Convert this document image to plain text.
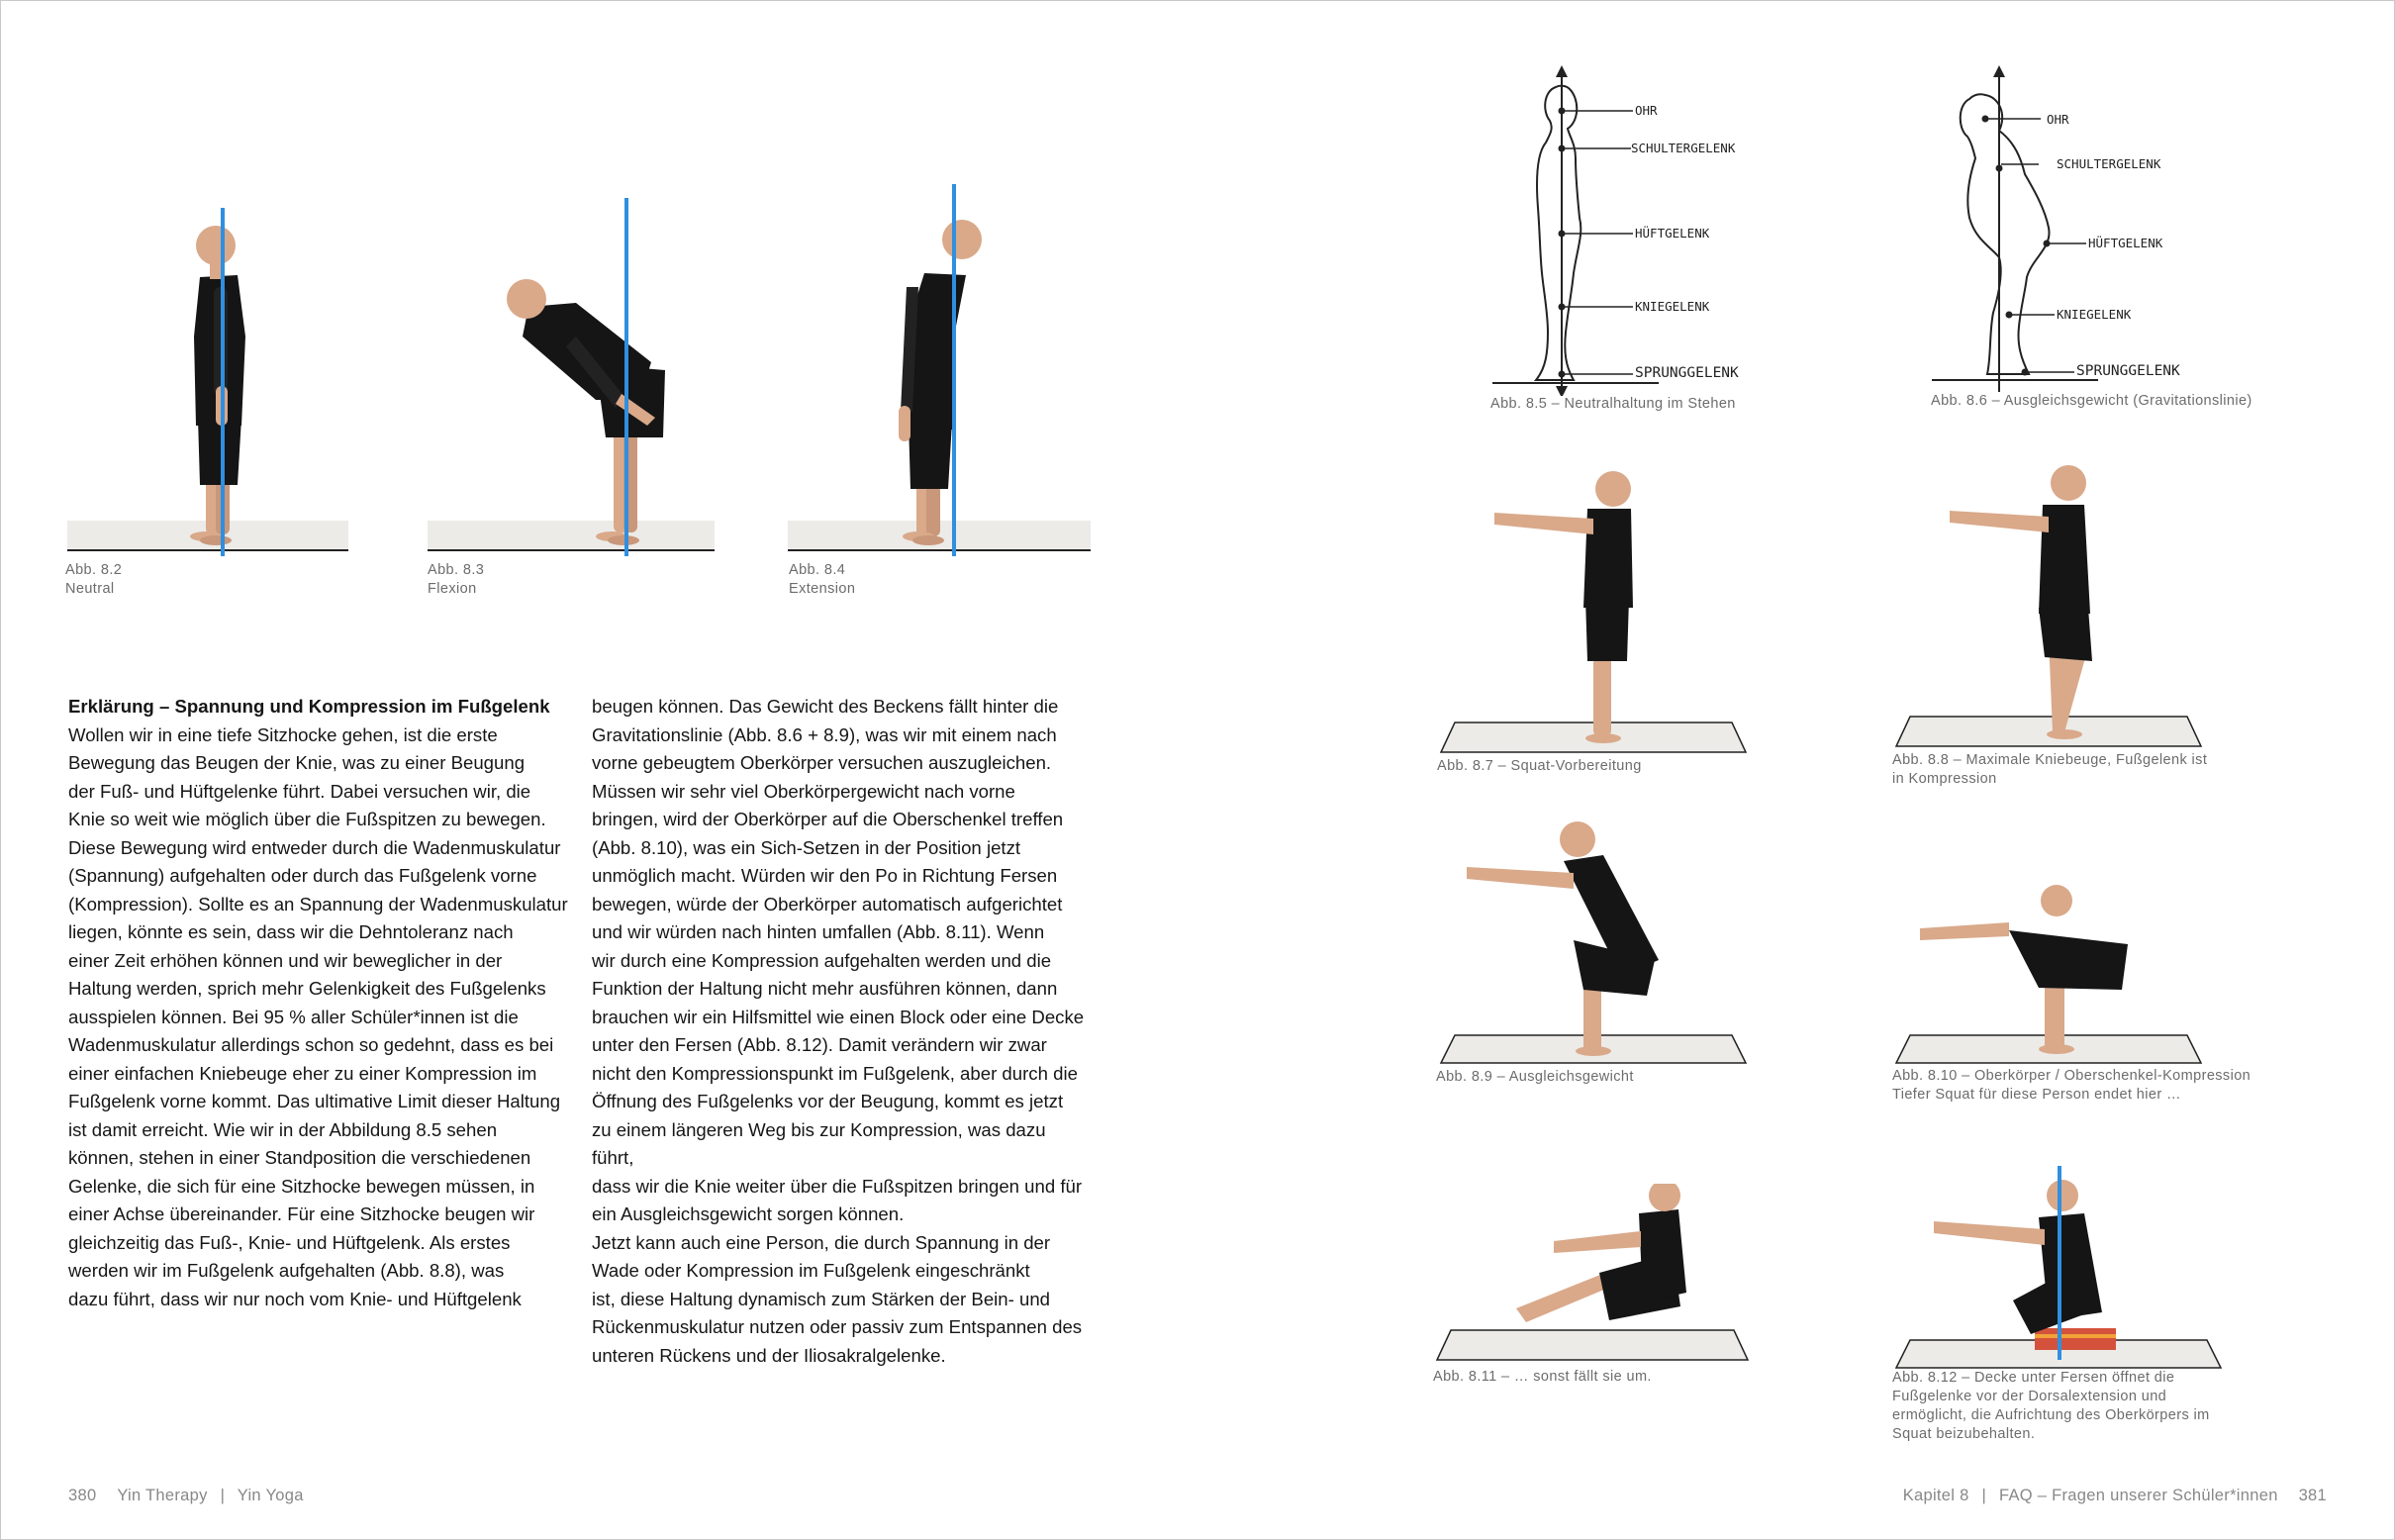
Abb. 8.2
Neutral
Abb. 8.3
Flexion
Abb. 8.4
Extension
Erklärung – Spannung und Kompression im Fußgelenk
Wollen wir in eine tiefe Sitzhocke gehen, ist die erste
Bewegung das Beugen der Knie, was zu einer Beugung
der Fuß- und Hüftgelenke führt. Dabei versuchen wir, die
Knie so weit wie möglich über die Fußspitzen zu bewegen.
Diese Bewegung wird entweder durch die Wadenmuskulatur
(Spannung) aufgehalten oder durch das Fußgelenk vorne
(Kompression). Sollte es an Spannung der Wadenmuskulatur
liegen, könnte es sein, dass wir die Dehntoleranz nach
einer Zeit erhöhen können und wir beweglicher in der
Haltung werden, sprich mehr Gelenkigkeit des Fußgelenks
ausspielen können. Bei 95 % aller Schüler*innen ist die
Wadenmuskulatur allerdings schon so gedehnt, dass es bei
einer einfachen Kniebeuge eher zu einer Kompression im
Fußgelenk vorne kommt. Das ultimative Limit dieser Haltung
ist damit erreicht. Wie wir in der Abbildung 8.5 sehen
können, stehen in einer Standposition die verschiedenen
Gelenke, die sich für eine Sitzhocke bewegen müssen, in
einer Achse übereinander. Für eine Sitzhocke beugen wir
gleichzeitig das Fuß-, Knie- und Hüftgelenk. Als erstes
werden wir im Fußgelenk aufgehalten (Abb. 8.8), was
dazu führt, dass wir nur noch vom Knie- und Hüftgelenk
beugen können. Das Gewicht des Beckens fällt hinter die
Gravitationslinie (Abb. 8.6 + 8.9), was wir mit einem nach
vorne gebeugtem Oberkörper versuchen auszugleichen.
Müssen wir sehr viel Oberkörpergewicht nach vorne
bringen, wird der Oberkörper auf die Oberschenkel treffen
(Abb. 8.10), was ein Sich-Setzen in der Position jetzt
unmöglich macht. Würden wir den Po in Richtung Fersen
bewegen, würde der Oberkörper automatisch aufgerichtet
und wir würden nach hinten umfallen (Abb. 8.11). Wenn
wir durch eine Kompression aufgehalten werden und die
Funktion der Haltung nicht mehr ausführen können, dann
brauchen wir ein Hilfsmittel wie einen Block oder eine Decke
unter den Fersen (Abb. 8.12). Damit verändern wir zwar
nicht den Kompressionspunkt im Fußgelenk, aber durch die
Öffnung des Fußgelenks vor der Beugung, kommt es jetzt
zu einem längeren Weg bis zur Kompression, was dazu führt,
dass wir die Knie weiter über die Fußspitzen bringen und für
ein Ausgleichsgewicht sorgen können.
Jetzt kann auch eine Person, die durch Spannung in der
Wade oder Kompression im Fußgelenk eingeschränkt
ist, diese Haltung dynamisch zum Stärken der Bein- und
Rückenmuskulatur nutzen oder passiv zum Entspannen des
unteren Rückens und der Iliosakralgelenke.
OHR
SCHULTERGELENK
HÜFTGELENK
KNIEGELENK
SPRUNGGELENK
Abb. 8.5 – Neutralhaltung im Stehen
OHR
SCHULTERGELENK
HÜFTGELENK
KNIEGELENK
SPRUNGGELENK
Abb. 8.6 – Ausgleichsgewicht (Gravitationslinie)
Abb. 8.7 – Squat-Vorbereitung	Abb. 8.8 – Maximale Kniebeuge, Fußgelenk ist
in Kompression
Abb. 8.9 – Ausgleichsgewicht	Abb. 8.10 – Oberkörper / Oberschenkel-Kompression
Tiefer Squat für diese Person endet hier …
Abb. 8.11 – … sonst fällt sie um.	Abb. 8.12 – Decke unter Fersen öffnet die
Fußgelenke vor der Dorsalextension und
ermöglicht, die Aufrichtung des Oberkörpers im
Squat beizubehalten.
380 Yin Therapy | Yin Yoga	Kapitel 8 | FAQ – Fragen unserer Schüler*innen 381
